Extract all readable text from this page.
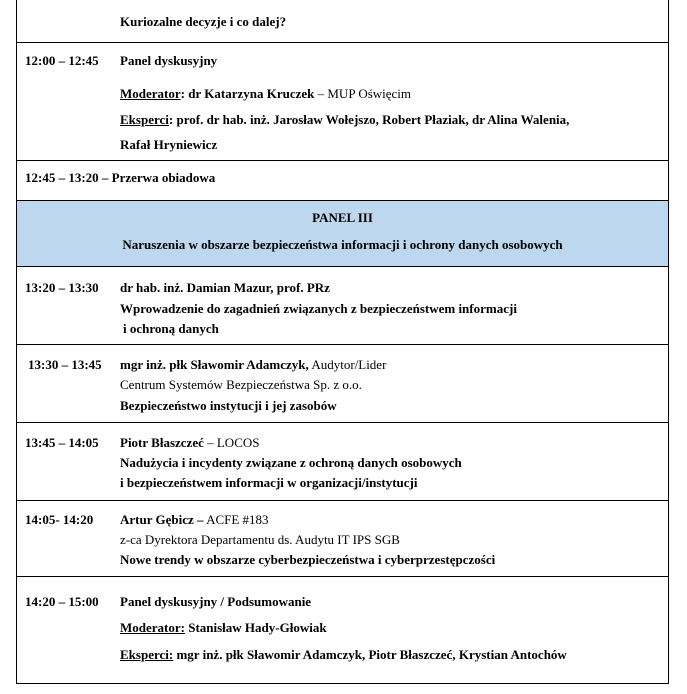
Kuriozalne decyzje i co dalej?
12:00 – 12:45 Panel dyskusyjny
Moderator: dr Katarzyna Kruczek – MUP Oświęcim
Eksperci: prof. dr hab. inż. Jarosław Wołejszo, Robert Płaziak, dr Alina Walenia,
Rafał Hryniewicz
12:45 – 13:20 – Przerwa obiadowa
PANEL III
Naruszenia w obszarze bezpieczeństwa informacji i ochrony danych osobowych
13:20 – 13:30 dr hab. inż. Damian Mazur, prof. PRz
Wprowadzenie do zagadnień związanych z bezpieczeństwem informacji
i ochroną danych
13:30 – 13:45 mgr inż. płk Sławomir Adamczyk, Audytor/Lider
Centrum Systemów Bezpieczeństwa Sp. z o.o.
Bezpieczeństwo instytucji i jej zasobów
13:45 – 14:05 Piotr Błaszczeć – LOCOS
Nadużycia i incydenty związane z ochroną danych osobowych
i bezpieczeństwem informacji w organizacji/instytucji
14:05- 14:20 Artur Gębicz – ACFE #183
z-ca Dyrektora Departamentu ds. Audytu IT IPS SGB
Nowe trendy w obszarze cyberbezpieczeństwa i cyberprzestępczości
14:20 – 15:00 Panel dyskusyjny / Podsumowanie
Moderator: Stanisław Hady-Głowiak
Eksperci: mgr inż. płk Sławomir Adamczyk, Piotr Błaszczeć, Krystian Antochów
